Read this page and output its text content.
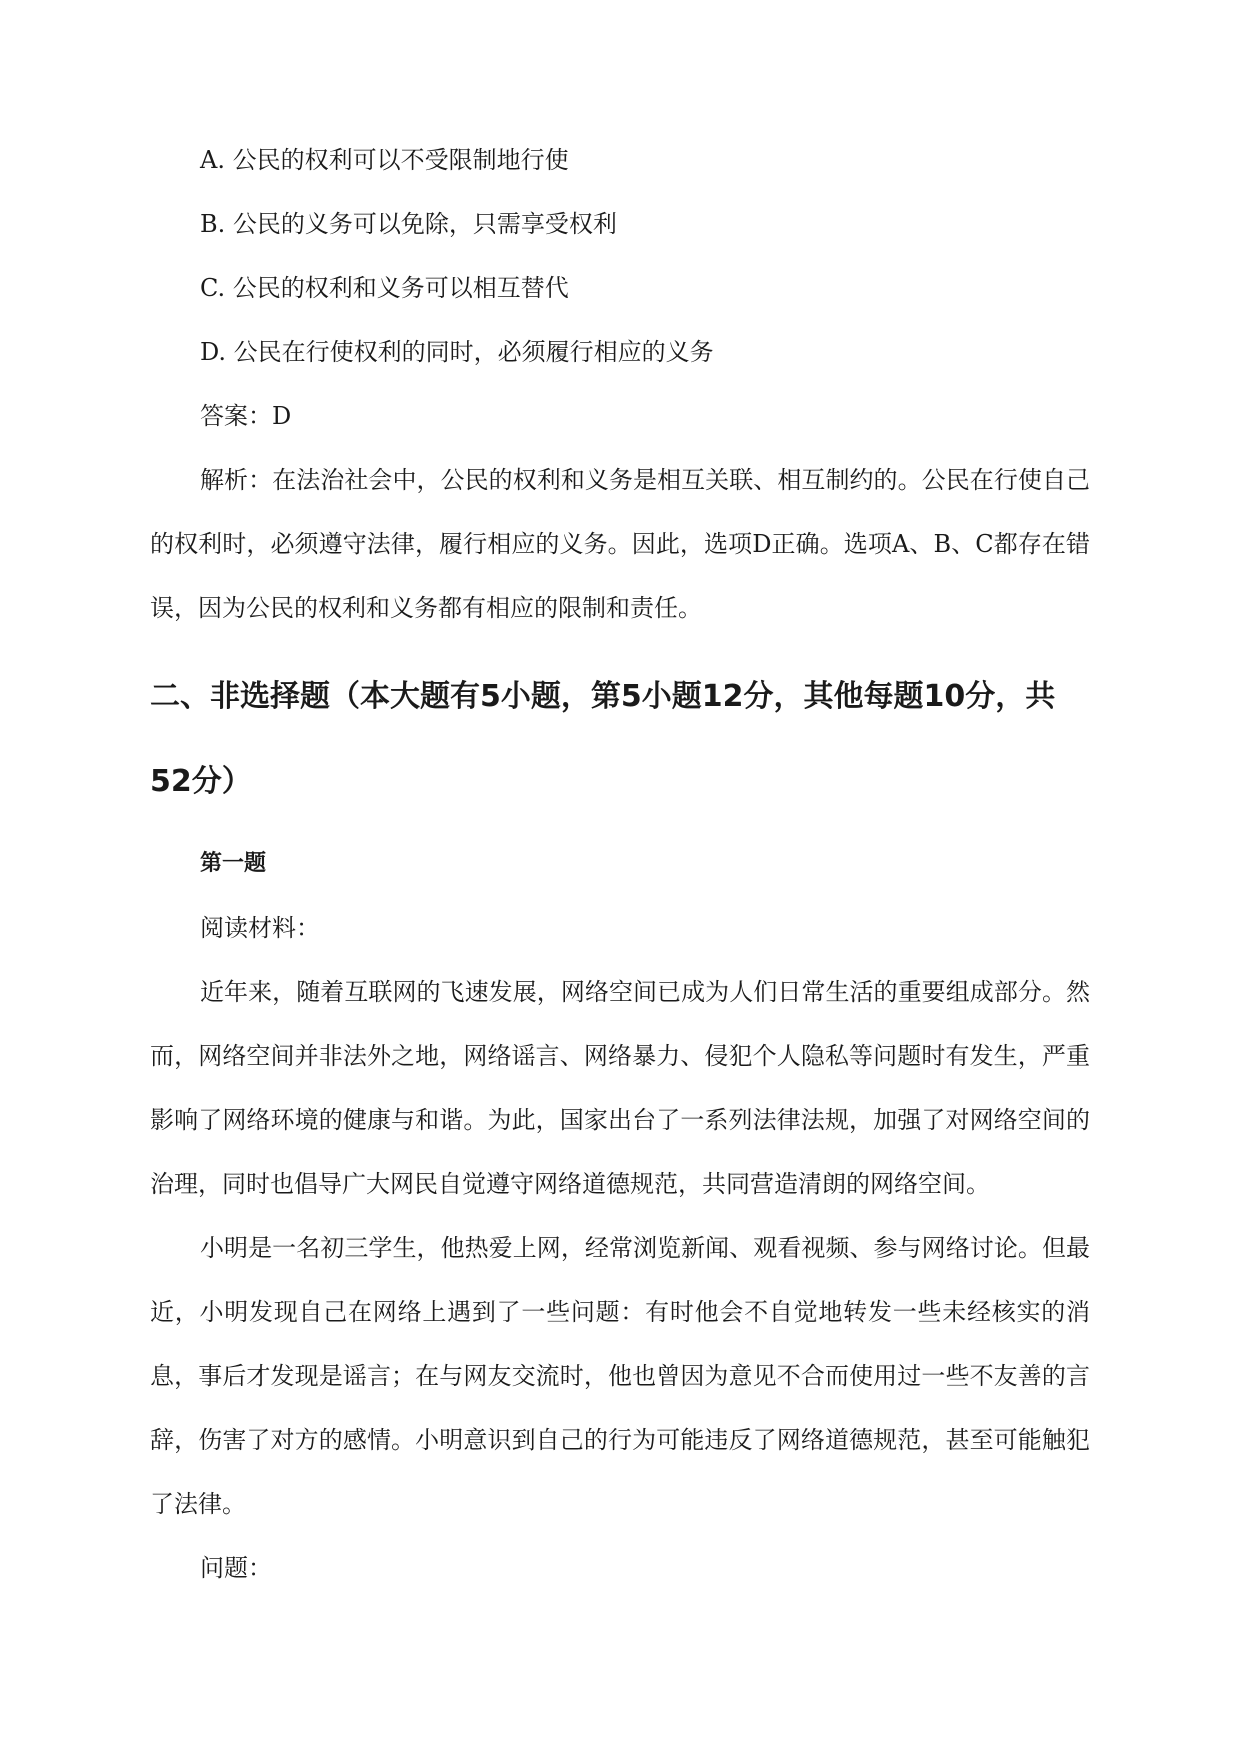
A. 公民的权利可以不受限制地行使

B. 公民的义务可以免除，只需享受权利

C. 公民的权利和义务可以相互替代

D. 公民在行使权利的同时，必须履行相应的义务

答案：D

解析：在法治社会中，公民的权利和义务是相互关联、相互制约的。公民在行使自己的权利时，必须遵守法律，履行相应的义务。因此，选项D正确。选项A、B、C都存在错误，因为公民的权利和义务都有相应的限制和责任。

二、非选择题（本大题有5小题，第5小题12分，其他每题10分，共52分）

第一题

阅读材料：

近年来，随着互联网的飞速发展，网络空间已成为人们日常生活的重要组成部分。然而，网络空间并非法外之地，网络谣言、网络暴力、侵犯个人隐私等问题时有发生，严重影响了网络环境的健康与和谐。为此，国家出台了一系列法律法规，加强了对网络空间的治理，同时也倡导广大网民自觉遵守网络道德规范，共同营造清朗的网络空间。

小明是一名初三学生，他热爱上网，经常浏览新闻、观看视频、参与网络讨论。但最近，小明发现自己在网络上遇到了一些问题：有时他会不自觉地转发一些未经核实的消息，事后才发现是谣言；在与网友交流时，他也曾因为意见不合而使用过一些不友善的言辞，伤害了对方的感情。小明意识到自己的行为可能违反了网络道德规范，甚至可能触犯了法律。

问题：
